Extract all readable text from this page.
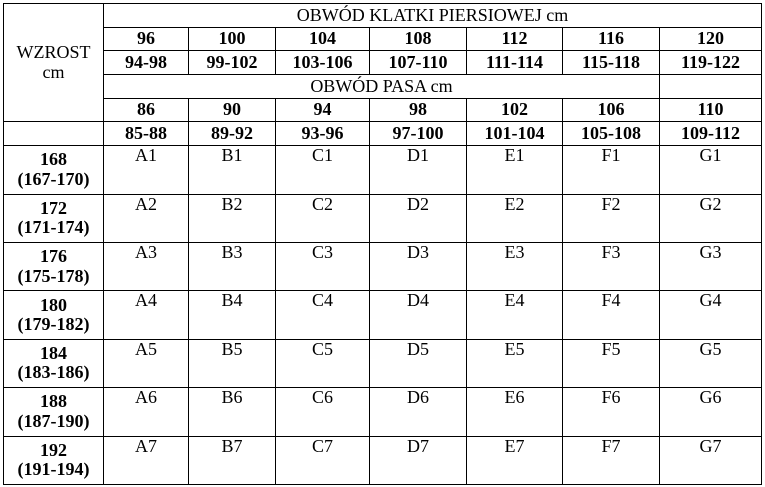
WZROST
cm	OBWÓD KLATKI PIERSIOWEJ cm						
	96	100	104	108	112	116	120
	94-98	99-102	103-106	107-110	111-114	115-118	119-122
	OBWÓD PASA cm						
	86	90	94	98	102	106	110
	85-88	89-92	93-96	97-100	101-104	105-108	109-112

168
(167-170)	A1	B1	C1	D1	E1	F1	G1

172
(171-174)	A2	B2	C2	D2	E2	F2	G2

176
(175-178)	A3	B3	C3	D3	E3	F3	G3

180
(179-182)	A4	B4	C4	D4	E4	F4	G4

184
(183-186)	A5	B5	C5	D5	E5	F5	G5

188
(187-190)	A6	B6	C6	D6	E6	F6	G6

192
(191-194)	A7	B7	C7	D7	E7	F7	G7
